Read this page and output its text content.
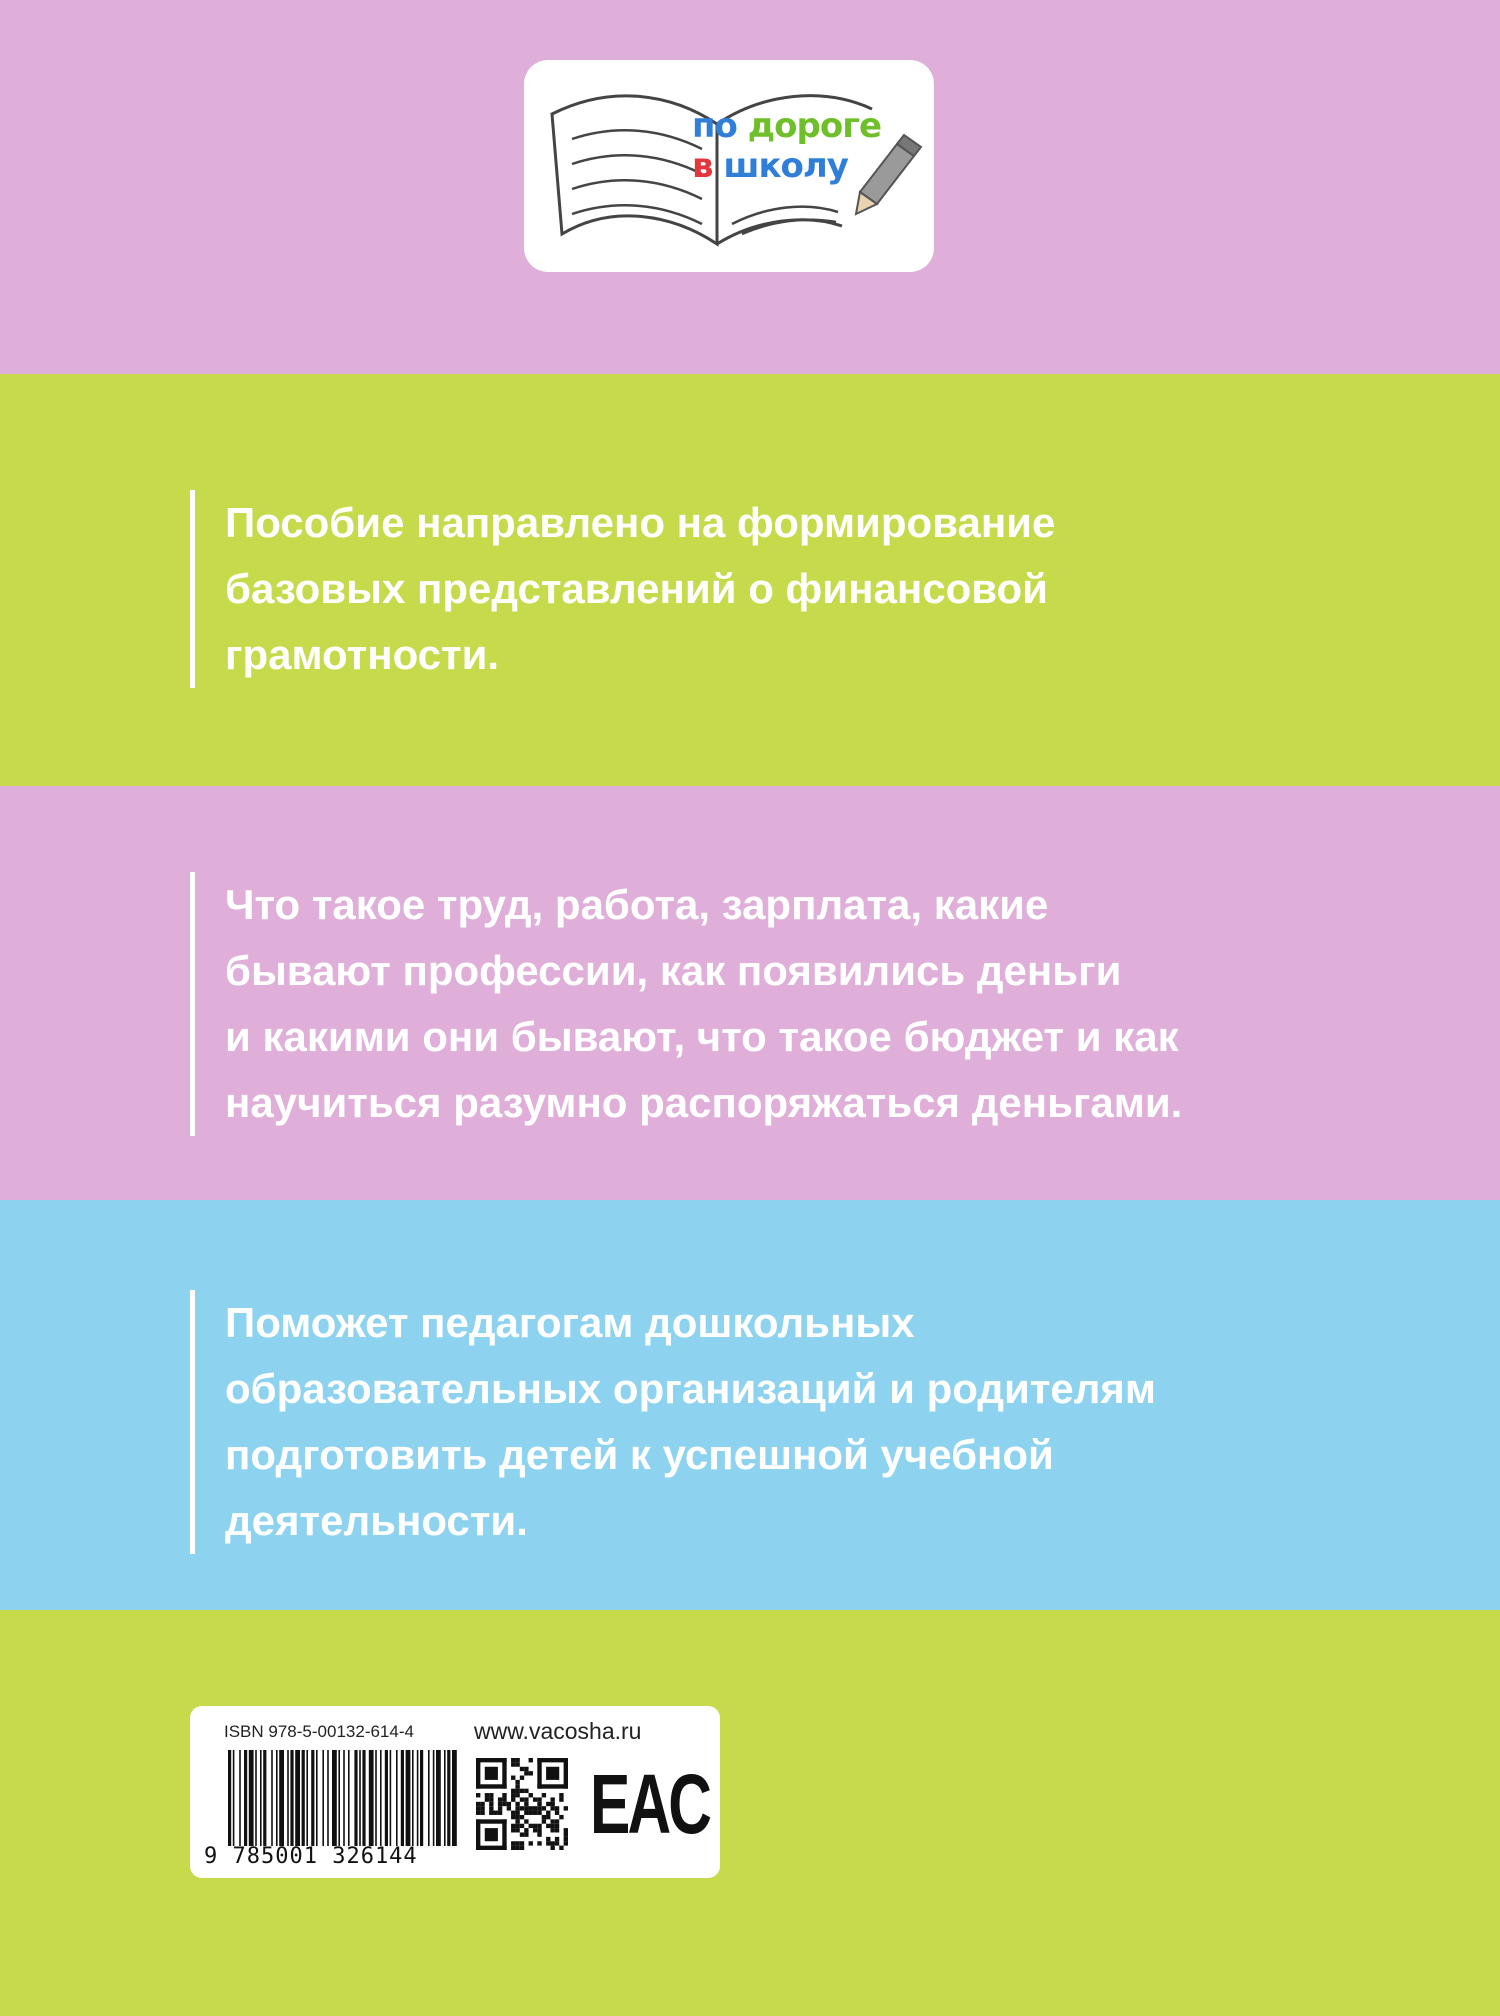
по дороге
в школу

Пособие направлено на формирование

базовых представлений о финансовой

грамотности.

Что такое труд, работа, зарплата, какие

бывают профессии, как появились деньги

и какими они бывают, что такое бюджет и как

научиться разумно распоряжаться деньгами.

Поможет педагогам дошкольных

образовательных организаций и родителям

подготовить детей к успешной учебной

деятельности.

ISBN 978-5-00132-614-4	www.vacosha.ru
9 785001 326144
EAC
